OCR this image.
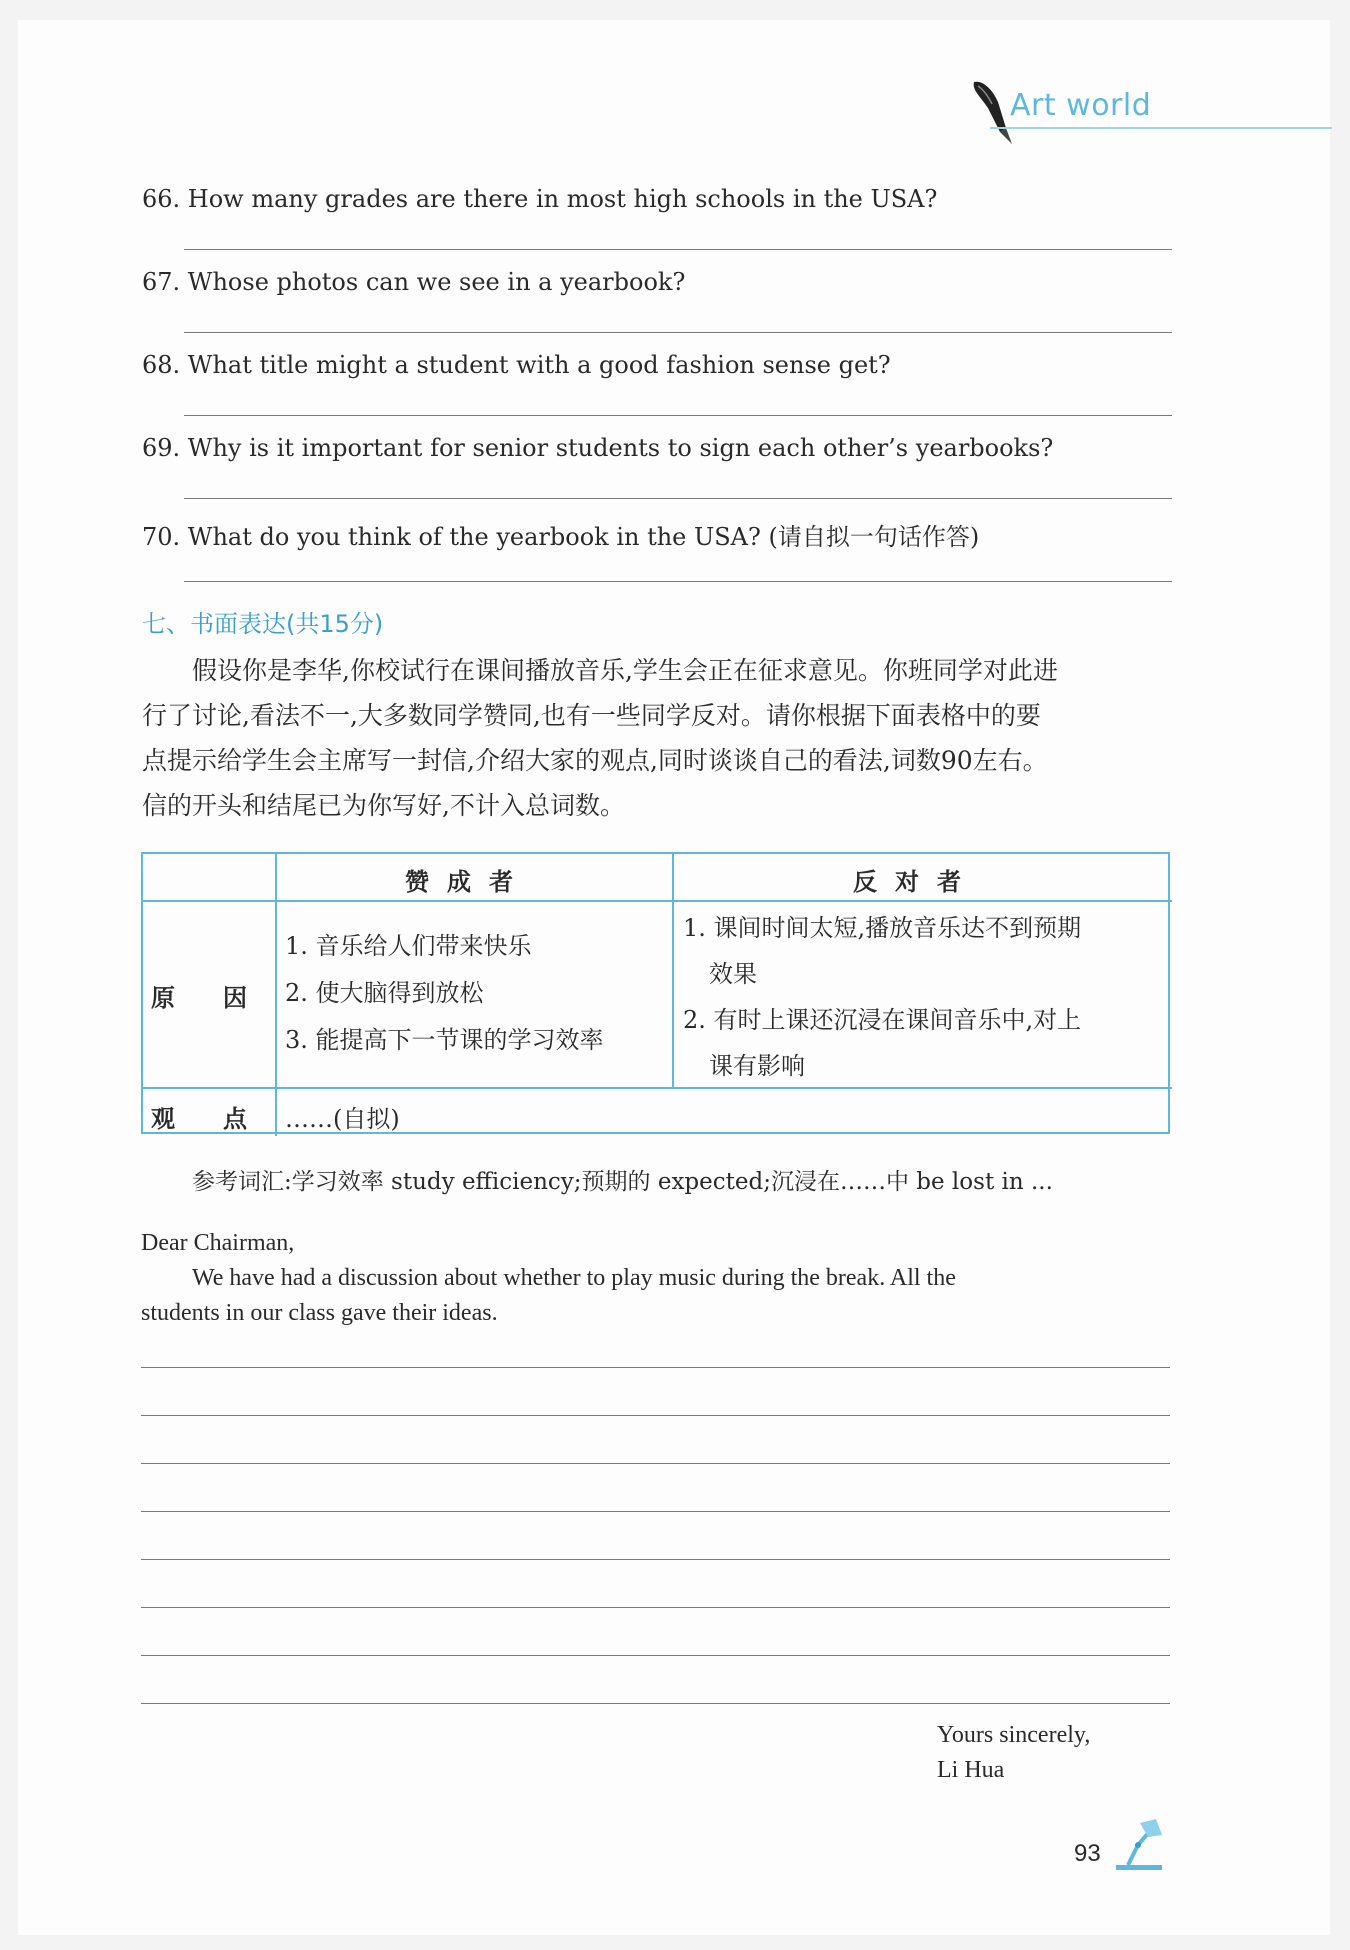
Art world
66. How many grades are there in most high schools in the USA?
67. Whose photos can we see in a yearbook?
68. What title might a student with a good fashion sense get?
69. Why is it important for senior students to sign each other’s yearbooks?
70. What do you think of the yearbook in the USA? (请自拟一句话作答)
七、书面表达(共15分)

　　假设你是李华,你校试行在课间播放音乐,学生会正在征求意见。你班同学对此进

行了讨论,看法不一,大多数同学赞同,也有一些同学反对。请你根据下面表格中的要

点提示给学生会主席写一封信,介绍大家的观点,同时谈谈自己的看法,词数90左右。

信的开头和结尾已为你写好,不计入总词数。

赞成者	反对者
原　　因
观　　点
1. 音乐给人们带来快乐
2. 使大脑得到放松
3. 能提高下一节课的学习效率
1. 课间时间太短,播放音乐达不到预期
效果
2. 有时上课还沉浸在课间音乐中,对上
课有影响
……(自拟)
参考词汇:学习效率 study efficiency;预期的 expected;沉浸在……中 be lost in ...
Dear Chairman,
We have had a discussion about whether to play music during the break. All the
students in our class gave their ideas.
Yours sincerely,
Li Hua
93
